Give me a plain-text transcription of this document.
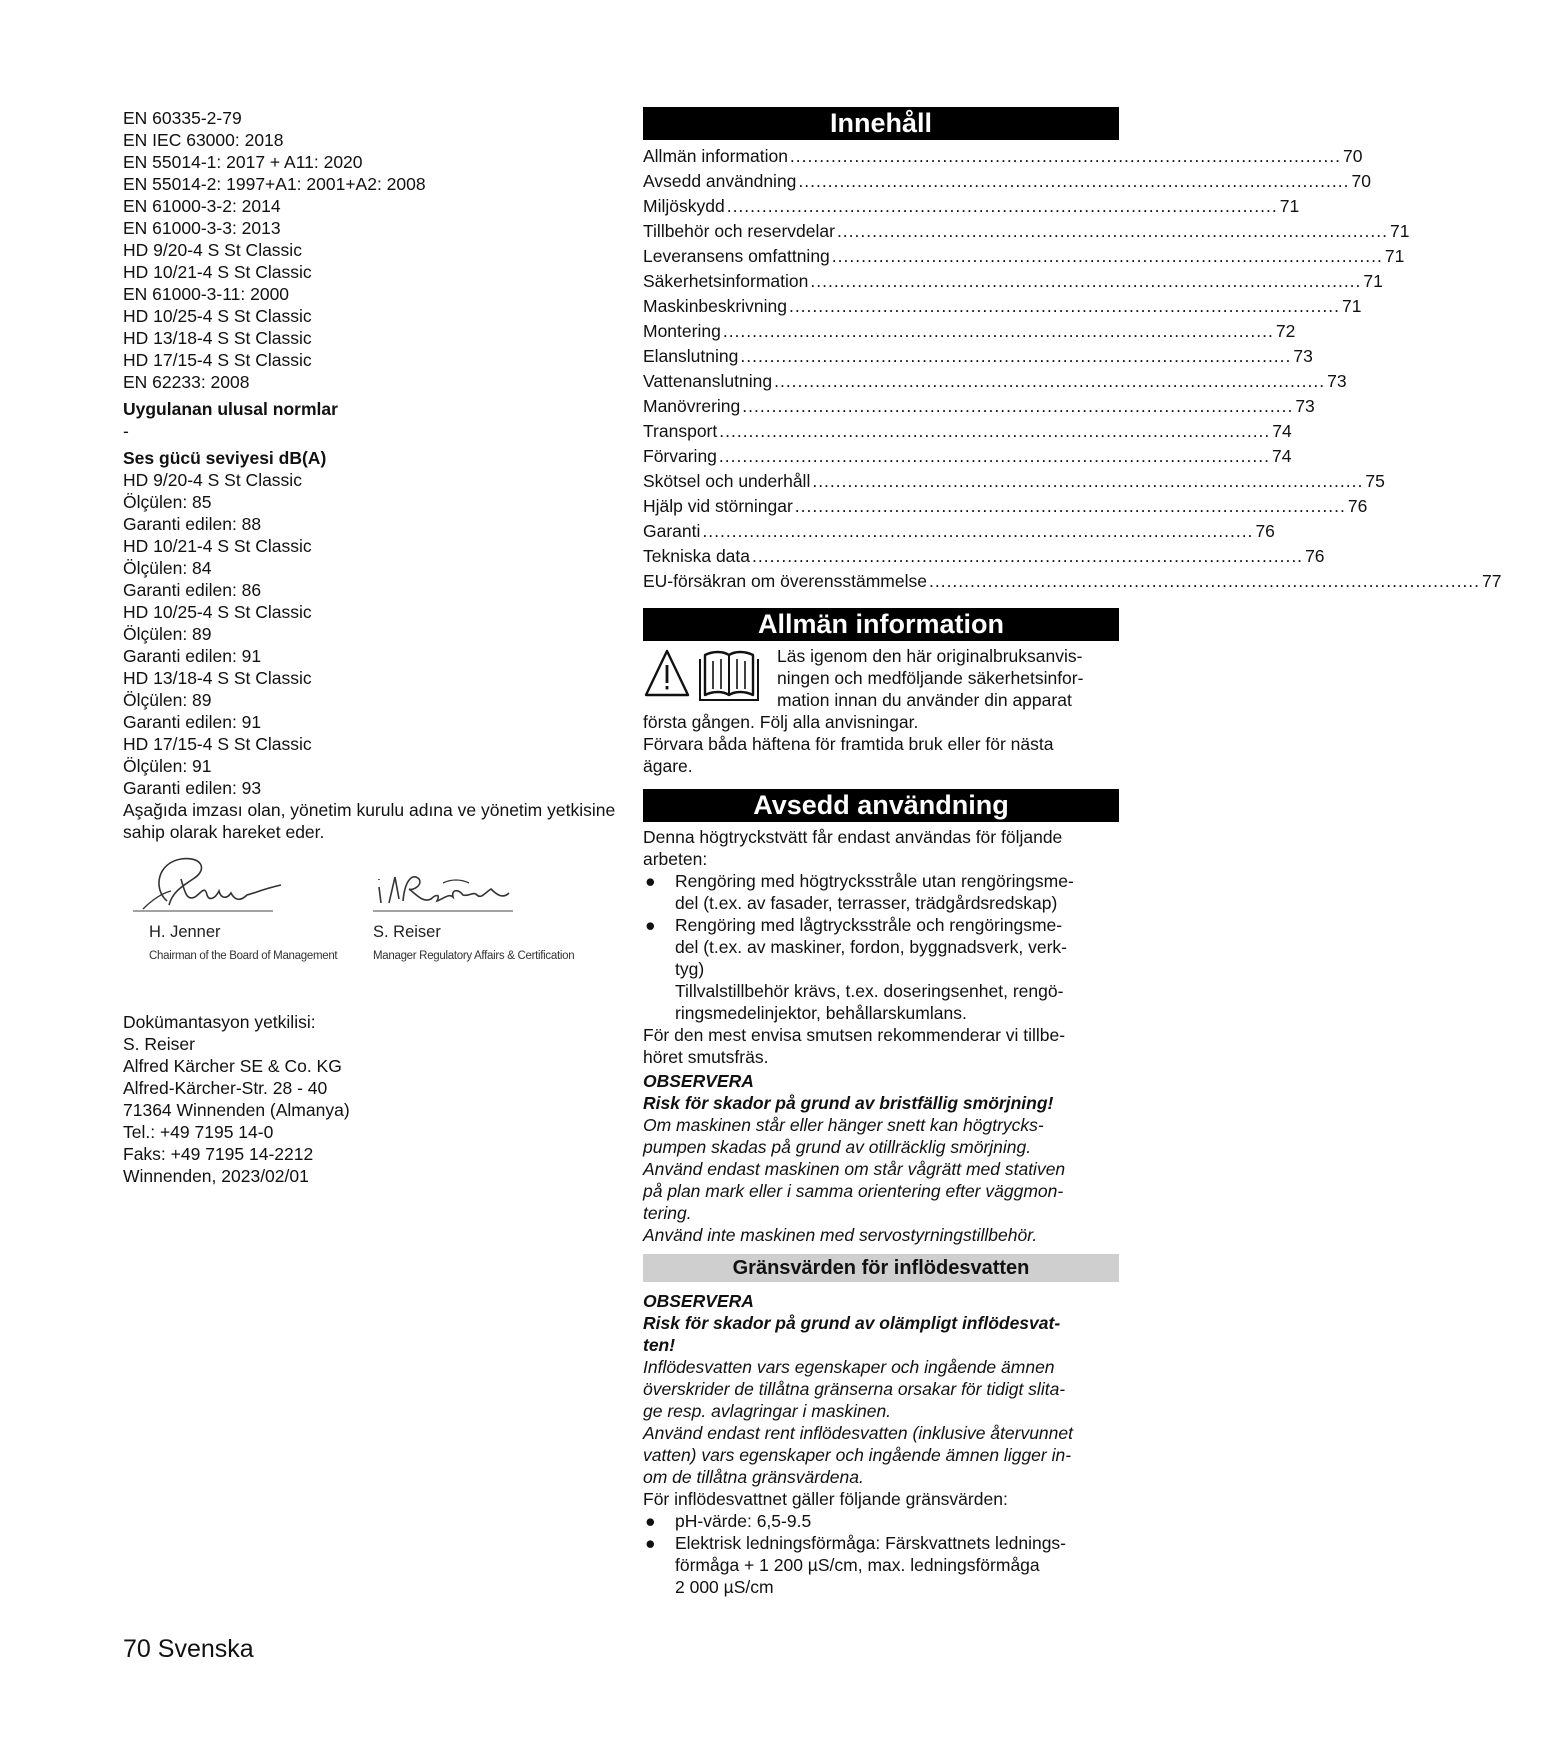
EN 60335-2-79
EN IEC 63000: 2018
EN 55014-1: 2017 + A11: 2020
EN 55014-2: 1997+A1: 2001+A2: 2008
EN 61000-3-2: 2014
EN 61000-3-3: 2013
HD 9/20-4 S St Classic
HD 10/21-4 S St Classic
EN 61000-3-11: 2000
HD 10/25-4 S St Classic
HD 13/18-4 S St Classic
HD 17/15-4 S St Classic
EN 62233: 2008
Uygulanan ulusal normlar
-
Ses gücü seviyesi dB(A)
HD 9/20-4 S St Classic
Ölçülen: 85
Garanti edilen: 88
HD 10/21-4 S St Classic
Ölçülen: 84
Garanti edilen: 86
HD 10/25-4 S St Classic
Ölçülen: 89
Garanti edilen: 91
HD 13/18-4 S St Classic
Ölçülen: 89
Garanti edilen: 91
HD 17/15-4 S St Classic
Ölçülen: 91
Garanti edilen: 93
Aşağıda imzası olan, yönetim kurulu adına ve yönetim yetkisine sahip olarak hareket eder.
H. Jenner
Chairman of the Board of Management
S. Reiser
Manager Regulatory Affairs & Certification
Dokümantasyon yetkilisi:
S. Reiser
Alfred Kärcher SE & Co. KG
Alfred-Kärcher-Str. 28 - 40
71364 Winnenden (Almanya)
Tel.: +49 7195 14-0
Faks: +49 7195 14-2212
Winnenden, 2023/02/01
Innehåll
Allmän information .............................................................................................. 70
Avsedd användning .............................................................................................. 70
Miljöskydd .............................................................................................. 71
Tillbehör och reservdelar .............................................................................................. 71
Leveransens omfattning .............................................................................................. 71
Säkerhetsinformation .............................................................................................. 71
Maskinbeskrivning .............................................................................................. 71
Montering .............................................................................................. 72
Elanslutning .............................................................................................. 73
Vattenanslutning .............................................................................................. 73
Manövrering .............................................................................................. 73
Transport .............................................................................................. 74
Förvaring .............................................................................................. 74
Skötsel och underhåll .............................................................................................. 75
Hjälp vid störningar .............................................................................................. 76
Garanti .............................................................................................. 76
Tekniska data .............................................................................................. 76
EU-försäkran om överensstämmelse .............................................................................................. 77
Allmän information
Läs igenom den här originalbruksanvis-
ningen och medföljande säkerhetsinfor-
mation innan du använder din apparat
första gången. Följ alla anvisningar.
Förvara båda häftena för framtida bruk eller för nästa
ägare.
Avsedd användning
Denna högtryckstvätt får endast användas för följande
arbeten:
●	Rengöring med högtrycksstråle utan rengöringsme-
del (t.ex. av fasader, terrasser, trädgårdsredskap)
●	Rengöring med lågtrycksstråle och rengöringsme-
del (t.ex. av maskiner, fordon, byggnadsverk, verk-
tyg)
Tillvalstillbehör krävs, t.ex. doseringsenhet, rengö-
ringsmedelinjektor, behållarskumlans.
För den mest envisa smutsen rekommenderar vi tillbe-
höret smutsfräs.
OBSERVERA
Risk för skador på grund av bristfällig smörjning!
Om maskinen står eller hänger snett kan högtrycks-
pumpen skadas på grund av otillräcklig smörjning.
Använd endast maskinen om står vågrätt med stativen
på plan mark eller i samma orientering efter väggmon-
tering.
Använd inte maskinen med servostyrningstillbehör.
Gränsvärden för inflödesvatten
OBSERVERA
Risk för skador på grund av olämpligt inflödesvat-
ten!
Inflödesvatten vars egenskaper och ingående ämnen
överskrider de tillåtna gränserna orsakar för tidigt slita-
ge resp. avlagringar i maskinen.
Använd endast rent inflödesvatten (inklusive återvunnet
vatten) vars egenskaper och ingående ämnen ligger in-
om de tillåtna gränsvärdena.
För inflödesvattnet gäller följande gränsvärden:
●	pH-värde: 6,5-9.5
●	Elektrisk ledningsförmåga: Färskvattnets lednings-
förmåga + 1 200 µS/cm, max. ledningsförmåga
2 000 µS/cm
70 Svenska
